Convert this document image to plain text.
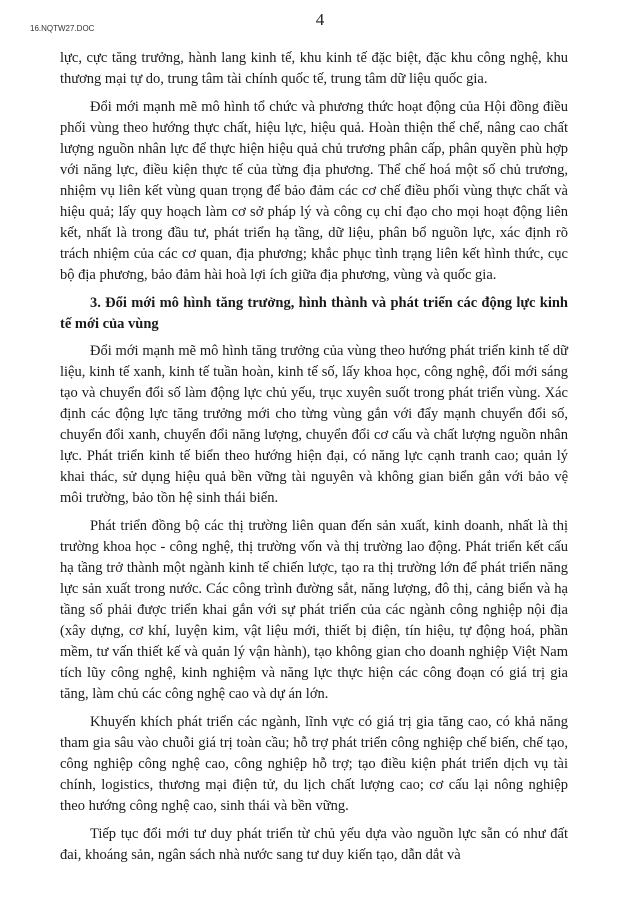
16.NQTW27.DOC	4

lực, cực tăng trưởng, hành lang kinh tế, khu kinh tế đặc biệt, đặc khu công nghệ, khu thương mại tự do, trung tâm tài chính quốc tế, trung tâm dữ liệu quốc gia.

Đổi mới mạnh mẽ mô hình tổ chức và phương thức hoạt động của Hội đồng điều phối vùng theo hướng thực chất, hiệu lực, hiệu quả. Hoàn thiện thể chế, nâng cao chất lượng nguồn nhân lực để thực hiện hiệu quả chủ trương phân cấp, phân quyền phù hợp với năng lực, điều kiện thực tế của từng địa phương. Thể chế hoá một số chủ trương, nhiệm vụ liên kết vùng quan trọng để bảo đảm các cơ chế điều phối vùng thực chất và hiệu quả; lấy quy hoạch làm cơ sở pháp lý và công cụ chỉ đạo cho mọi hoạt động liên kết, nhất là trong đầu tư, phát triển hạ tầng, dữ liệu, phân bổ nguồn lực, xác định rõ trách nhiệm của các cơ quan, địa phương; khắc phục tình trạng liên kết hình thức, cục bộ địa phương, bảo đảm hài hoà lợi ích giữa địa phương, vùng và quốc gia.

3. Đổi mới mô hình tăng trưởng, hình thành và phát triển các động lực kinh tế mới của vùng

Đổi mới mạnh mẽ mô hình tăng trưởng của vùng theo hướng phát triển kinh tế dữ liệu, kinh tế xanh, kinh tế tuần hoàn, kinh tế số, lấy khoa học, công nghệ, đổi mới sáng tạo và chuyển đổi số làm động lực chủ yếu, trục xuyên suốt trong phát triển vùng. Xác định các động lực tăng trưởng mới cho từng vùng gắn với đẩy mạnh chuyển đổi số, chuyển đổi xanh, chuyển đổi năng lượng, chuyển đổi cơ cấu và chất lượng nguồn nhân lực. Phát triển kinh tế biển theo hướng hiện đại, có năng lực cạnh tranh cao; quản lý khai thác, sử dụng hiệu quả bền vững tài nguyên và không gian biển gắn với bảo vệ môi trường, bảo tồn hệ sinh thái biển.

Phát triển đồng bộ các thị trường liên quan đến sản xuất, kinh doanh, nhất là thị trường khoa học - công nghệ, thị trường vốn và thị trường lao động. Phát triển kết cấu hạ tầng trở thành một ngành kinh tế chiến lược, tạo ra thị trường lớn để phát triển năng lực sản xuất trong nước. Các công trình đường sắt, năng lượng, đô thị, cảng biển và hạ tầng số phải được triển khai gắn với sự phát triển của các ngành công nghiệp nội địa (xây dựng, cơ khí, luyện kim, vật liệu mới, thiết bị điện, tín hiệu, tự động hoá, phần mềm, tư vấn thiết kế và quản lý vận hành), tạo không gian cho doanh nghiệp Việt Nam tích lũy công nghệ, kinh nghiệm và năng lực thực hiện các công đoạn có giá trị gia tăng, làm chủ các công nghệ cao và dự án lớn.

Khuyến khích phát triển các ngành, lĩnh vực có giá trị gia tăng cao, có khả năng tham gia sâu vào chuỗi giá trị toàn cầu; hỗ trợ phát triển công nghiệp chế biến, chế tạo, công nghiệp công nghệ cao, công nghiệp hỗ trợ; tạo điều kiện phát triển dịch vụ tài chính, logistics, thương mại điện tử, du lịch chất lượng cao; cơ cấu lại nông nghiệp theo hướng công nghệ cao, sinh thái và bền vững.

Tiếp tục đổi mới tư duy phát triển từ chủ yếu dựa vào nguồn lực sẵn có như đất đai, khoáng sản, ngân sách nhà nước sang tư duy kiến tạo, dẫn dắt và
